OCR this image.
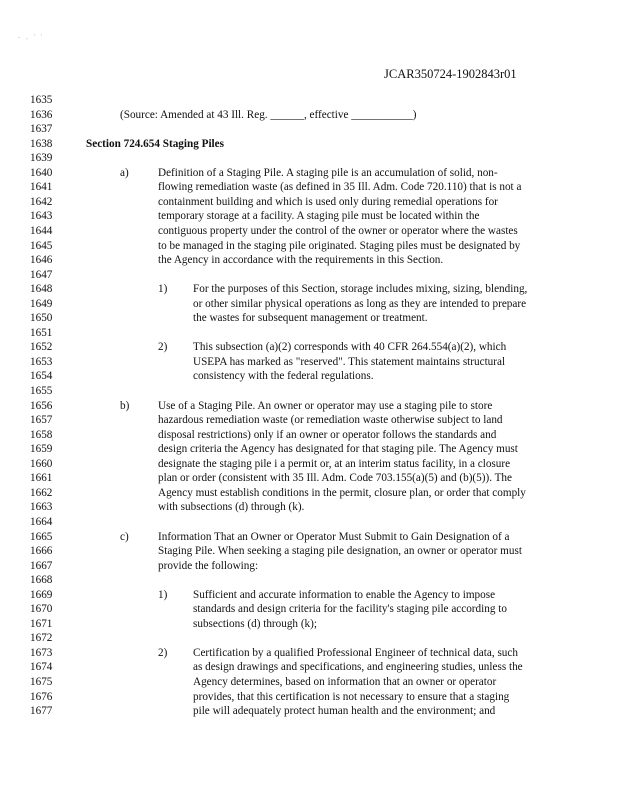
- , ' '
JCAR350724-1902843r01
1635
1636	(Source: Amended at 43 Ill. Reg. ______, effective ___________)
1637
1638	Section 724.654 Staging Piles
1639
1640	a)	Definition of a Staging Pile. A staging pile is an accumulation of solid, non-
1641	flowing remediation waste (as defined in 35 Ill. Adm. Code 720.110) that is not a
1642	containment building and which is used only during remedial operations for
1643	temporary storage at a facility. A staging pile must be located within the
1644	contiguous property under the control of the owner or operator where the wastes
1645	to be managed in the staging pile originated. Staging piles must be designated by
1646	the Agency in accordance with the requirements in this Section.
1647
1648	1) For the purposes of this Section, storage includes mixing, sizing, blending,
1649	or other similar physical operations as long as they are intended to prepare
1650	the wastes for subsequent management or treatment.
1651
1652	2) This subsection (a)(2) corresponds with 40 CFR 264.554(a)(2), which
1653	USEPA has marked as "reserved". This statement maintains structural
1654	consistency with the federal regulations.
1655
1656	b)	Use of a Staging Pile. An owner or operator may use a staging pile to store
1657	hazardous remediation waste (or remediation waste otherwise subject to land
1658	disposal restrictions) only if an owner or operator follows the standards and
1659	design criteria the Agency has designated for that staging pile. The Agency must
1660	designate the staging pile i a permit or, at an interim status facility, in a closure
1661	plan or order (consistent with 35 Ill. Adm. Code 703.155(a)(5) and (b)(5)). The
1662	Agency must establish conditions in the permit, closure plan, or order that comply
1663	with subsections (d) through (k).
1664
1665	c)	Information That an Owner or Operator Must Submit to Gain Designation of a
1666	Staging Pile. When seeking a staging pile designation, an owner or operator must
1667	provide the following:
1668
1669	1) Sufficient and accurate information to enable the Agency to impose
1670	standards and design criteria for the facility's staging pile according to
1671	subsections (d) through (k);
1672
1673	2) Certification by a qualified Professional Engineer of technical data, such
1674	as design drawings and specifications, and engineering studies, unless the
1675	Agency determines, based on information that an owner or operator
1676	provides, that this certification is not necessary to ensure that a staging
1677	pile will adequately protect human health and the environment; and
